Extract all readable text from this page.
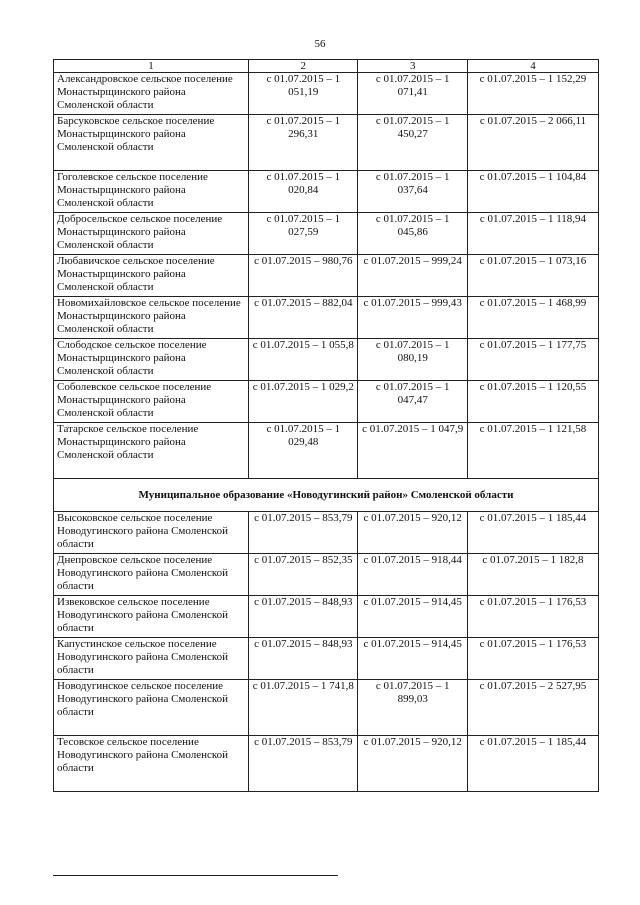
56
1	2	3	4
Александровское сельское поселение Монастырщинского района Смоленской области	с 01.07.2015 – 1 051,19	с 01.07.2015 – 1 071,41	с 01.07.2015 – 1 152,29
Барсуковское сельское поселение Монастырщинского района Смоленской области	с 01.07.2015 – 1 296,31	с 01.07.2015 – 1 450,27	с 01.07.2015 – 2 066,11
Гоголевское сельское поселение Монастырщинского района Смоленской области	с 01.07.2015 – 1 020,84	с 01.07.2015 – 1 037,64	с 01.07.2015 – 1 104,84
Добросельское сельское поселение Монастырщинского района Смоленской области	с 01.07.2015 – 1 027,59	с 01.07.2015 – 1 045,86	с 01.07.2015 – 1 118,94
Любавичское сельское поселение Монастырщинского района Смоленской области	с 01.07.2015 – 980,76	с 01.07.2015 – 999,24	с 01.07.2015 – 1 073,16
Новомихайловское сельское поселение Монастырщинского района Смоленской области	с 01.07.2015 – 882,04	с 01.07.2015 – 999,43	с 01.07.2015 – 1 468,99
Слободское сельское поселение Монастырщинского района Смоленской области	с 01.07.2015 – 1 055,8	с 01.07.2015 – 1 080,19	с 01.07.2015 – 1 177,75
Соболевское сельское поселение Монастырщинского района Смоленской области	с 01.07.2015 – 1 029,2	с 01.07.2015 – 1 047,47	с 01.07.2015 – 1 120,55
Татарское сельское поселение Монастырщинского района Смоленской области	с 01.07.2015 – 1 029,48	с 01.07.2015 – 1 047,9	с 01.07.2015 – 1 121,58
Муниципальное образование «Новодугинский район» Смоленской области			
Высоковское сельское поселение Новодугинского района Смоленской области	с 01.07.2015 – 853,79	с 01.07.2015 – 920,12	с 01.07.2015 – 1 185,44
Днепровское сельское поселение Новодугинского района Смоленской области	с 01.07.2015 – 852,35	с 01.07.2015 – 918,44	с 01.07.2015 – 1 182,8
Извековское сельское поселение Новодугинского района Смоленской области	с 01.07.2015 – 848,93	с 01.07.2015 – 914,45	с 01.07.2015 – 1 176,53
Капустинское сельское поселение Новодугинского района Смоленской области	с 01.07.2015 – 848,93	с 01.07.2015 – 914,45	с 01.07.2015 – 1 176,53
Новодугинское сельское поселение Новодугинского района Смоленской области	с 01.07.2015 – 1 741,8	с 01.07.2015 – 1 899,03	с 01.07.2015 – 2 527,95
Тесовское сельское поселение Новодугинского района Смоленской области	с 01.07.2015 – 853,79	с 01.07.2015 – 920,12	с 01.07.2015 – 1 185,44
